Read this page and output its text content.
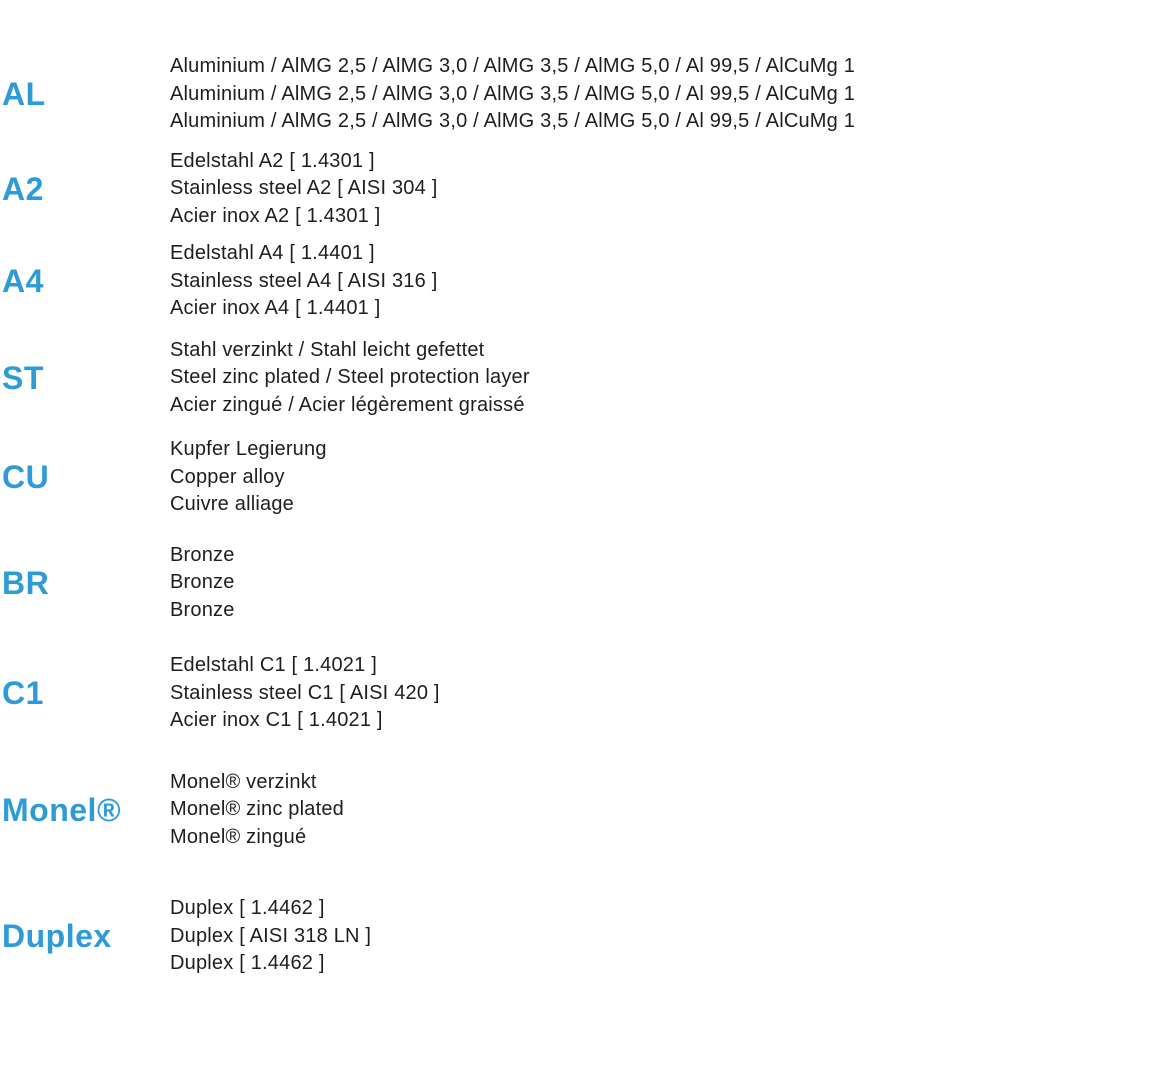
AL
Aluminium / AlMG 2,5 / AlMG 3,0 / AlMG 3,5 / AlMG 5,0 / Al 99,5 / AlCuMg 1
Aluminium / AlMG 2,5 / AlMG 3,0 / AlMG 3,5 / AlMG 5,0 / Al 99,5 / AlCuMg 1
Aluminium / AlMG 2,5 / AlMG 3,0 / AlMG 3,5 / AlMG 5,0 / Al 99,5 / AlCuMg 1
A2
Edelstahl A2 [ 1.4301 ]
Stainless steel A2 [ AISI 304 ]
Acier inox A2 [ 1.4301 ]
A4
Edelstahl A4 [ 1.4401 ]
Stainless steel A4 [ AISI 316 ]
Acier inox A4 [ 1.4401 ]
ST
Stahl verzinkt / Stahl leicht gefettet
Steel zinc plated / Steel protection layer
Acier zingué / Acier légèrement graissé
CU
Kupfer Legierung
Copper alloy
Cuivre alliage
BR
Bronze
Bronze
Bronze
C1
Edelstahl C1 [ 1.4021 ]
Stainless steel C1 [ AISI 420 ]
Acier inox C1 [ 1.4021 ]
Monel®
Monel® verzinkt
Monel® zinc plated
Monel® zingué
Duplex
Duplex [ 1.4462 ]
Duplex [ AISI 318 LN ]
Duplex [ 1.4462 ]
